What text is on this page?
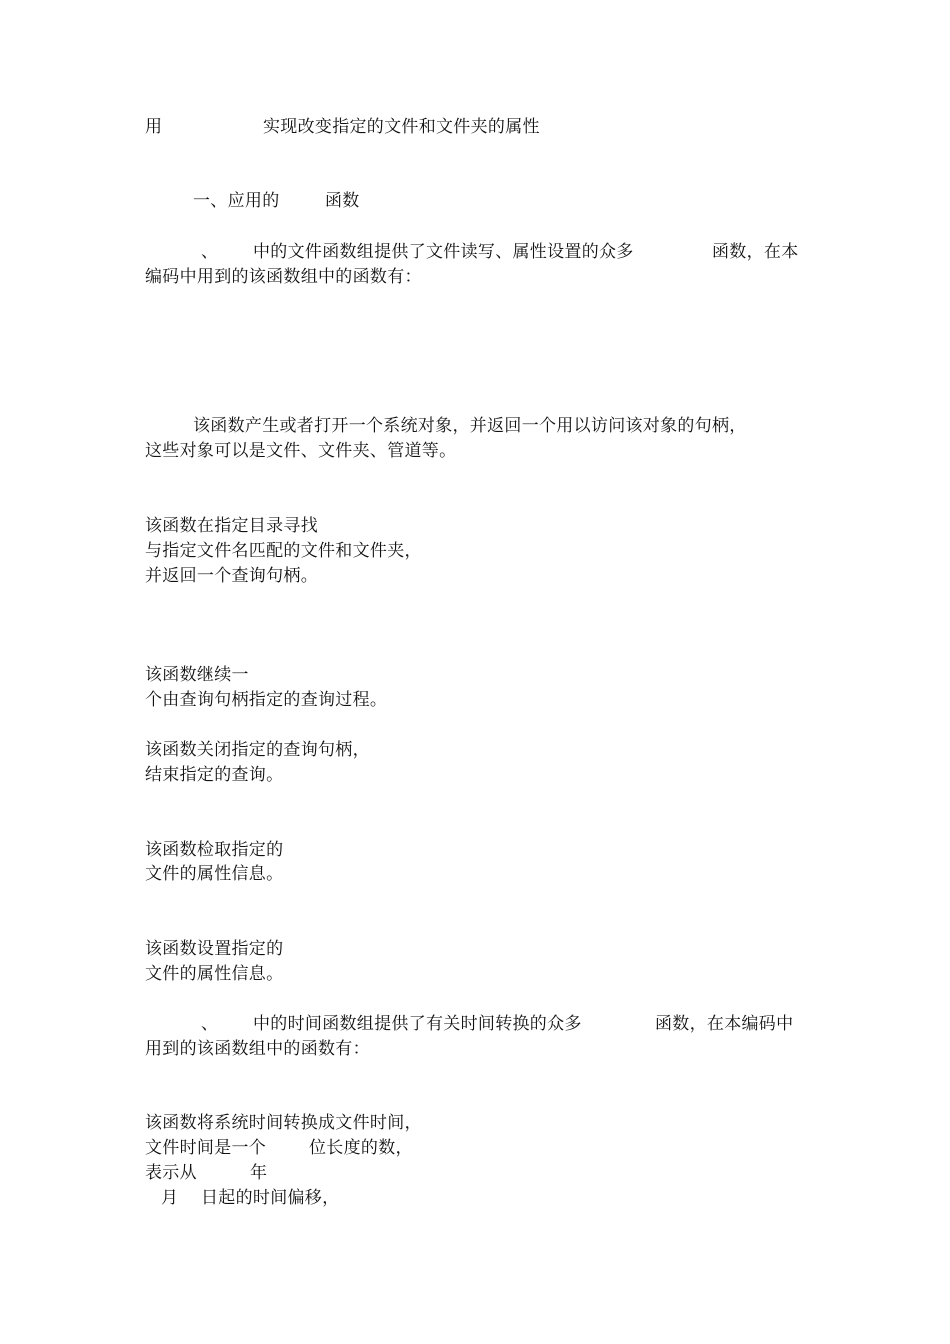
用	实现改变指定的文件和文件夹的属性
一、应用的	函数
、 中的文件函数组提供了文件读写、属性设置的众多	函数，在本
编码中用到的该函数组中的函数有：
该函数产生或者打开一个系统对象，并返回一个用以访问该对象的句柄，
这些对象可以是文件、文件夹、管道等。
该函数在指定目录寻找
与指定文件名匹配的文件和文件夹，
并返回一个查询句柄。
该函数继续一
个由查询句柄指定的查询过程。
该函数关闭指定的查询句柄，
结束指定的查询。
该函数检取指定的
文件的属性信息。
该函数设置指定的
文件的属性信息。
、 中的时间函数组提供了有关时间转换的众多	函数，在本编码中
用到的该函数组中的函数有：
该函数将系统时间转换成文件时间，
文件时间是一个	位长度的数，
表示从	年
月 日起的时间偏移，
